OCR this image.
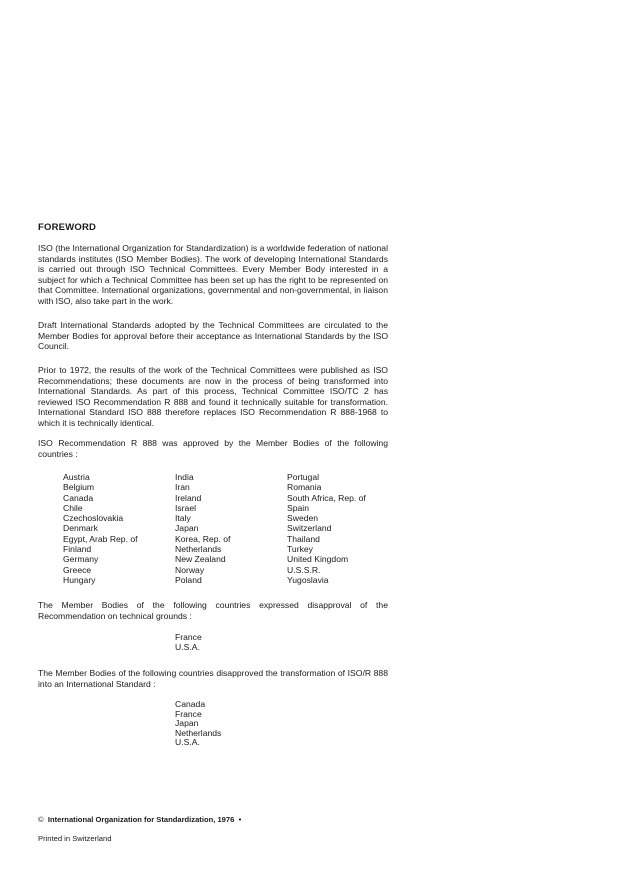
FOREWORD

ISO (the International Organization for Standardization) is a worldwide federation of national standards institutes (ISO Member Bodies). The work of developing International Standards is carried out through ISO Technical Committees. Every Member Body interested in a subject for which a Technical Committee has been set up has the right to be represented on that Committee. International organizations, governmental and non-governmental, in liaison with ISO, also take part in the work.

Draft International Standards adopted by the Technical Committees are circulated to the Member Bodies for approval before their acceptance as International Standards by the ISO Council.

Prior to 1972, the results of the work of the Technical Committees were published as ISO Recommendations; these documents are now in the process of being transformed into International Standards. As part of this process, Technical Committee ISO/TC 2 has reviewed ISO Recommendation R 888 and found it technically suitable for transformation. International Standard ISO 888 therefore replaces ISO Recommendation R 888-1968 to which it is technically identical.

ISO Recommendation R 888 was approved by the Member Bodies of the following countries :

Austria
Belgium
Canada
Chile
Czechoslovakia
Denmark
Egypt, Arab Rep. of
Finland
Germany
Greece
Hungary
India
Iran
Ireland
Israel
Italy
Japan
Korea, Rep. of
Netherlands
New Zealand
Norway
Poland
Portugal
Romania
South Africa, Rep. of
Spain
Sweden
Switzerland
Thailand
Turkey
United Kingdom
U.S.S.R.
Yugoslavia

The Member Bodies of the following countries expressed disapproval of the Recommendation on technical grounds :

France
U.S.A.

The Member Bodies of the following countries disapproved the transformation of ISO/R 888 into an International Standard :

Canada
France
Japan
Netherlands
U.S.A.
© International Organization for Standardization, 1976 •
Printed in Switzerland
